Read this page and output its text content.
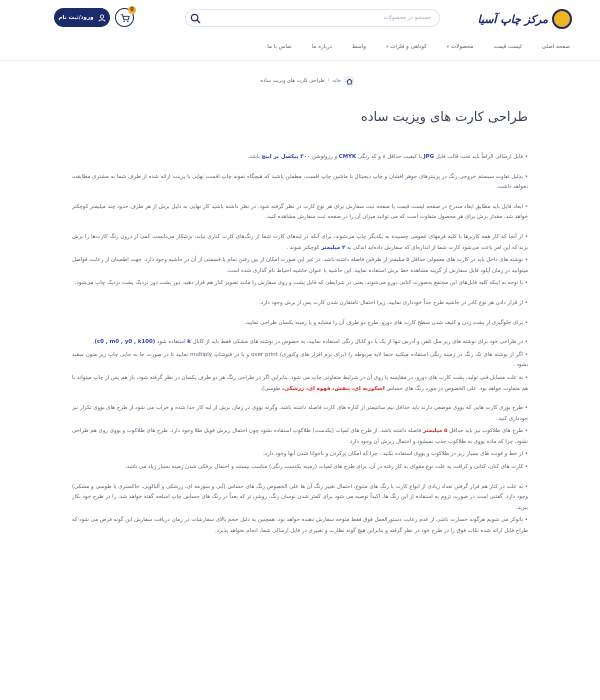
مرکز چاپ آسیا
جستجو در محصولات
0
ورود/ثبت نام
صفحه اصلی
لیست قیمت
محصولات
▾
کوتاهی و فلزات
▾
واسط
درباره ما
تماس با ما
خانه
/
طراحی کارت های ویزیت ساده
طراحی کارت های ویزیت ساده

• فایل ارسالی الزاماً باید تحت قالب فایل JPG با کیفیت حداقل ۸ و کد رنگی CMYK و رزولوشن ۳۰۰ پیکسل بر اینچ باشد.

• بدلیل تفاوت سیستم خروجی رنگ در پرینترهای جوهر افشان و چاپ دیجیتال با ماشین چاپ افست، مطمئن باشید که هیچگاه نمونه چاپ افست نهایی با پرینت ارائه شده از طرف شما به مشتری مطابقت نخواهد داشت.

• ابعاد فایل باید مطابق ابعاد مندرج در صفحه لیست قیمت یا صفحه ثبت سفارش برای هر نوع کارت در نظر گرفته شود. در نظر داشته باشید کار نهایی به دلیل برش از هر طرف حدود چند میلیمتر کوچکتر خواهد شد. مقدار برش برای هر محصول متفاوت است که می توانید میزان آن را در صفحه ثبت سفارش مشاهده کنید.

• از آنجا که کار همه کاربرها با کلیه فرمهای عمومی چسبیده به یکدیگر چاپ می‌شوند، برای آنکه در لبه‌های کارت شما از رنگ‌های کارت کناری نیاید، برشکار می‌بایست کمی از درون رنگ کارت‌ها را برش بزند که این امر باعث می‌شود کارت شما از اندازه‌ای که سفارش داده‌اید اندکی به ۲ میلیمتر کوچکتر شوند .

• نوشته های داخل باید در کارت های معمولی حداقل ۵ میلیمتر از طرفین فاصله داشته باشد. در غیر این صورت امکان از بین رفتن تمام یا قسمتی از آن در حاشیه وجود دارد. جهت اطمینان از رعایت فواصل میتوانید در زمان آپلود فایل سفارش از گزینه مشاهده خط برش استفاده نمایید. این حاشیه با عنوان حاشیه احتیاط نام گذاری شده است.

• با توجه به اینکه کلیه فایل‌های این مجتمع به‌صورت کتابی دورو می‌شوند، یعنی در شرایطی که فایل پشت و روی سفارش را مانند تصویر کنار هم قرار دهید. دور پشت دور نزدیک پشت نزدیک چاپ می‌شود.

• از قرار دادن هر نوع کادر در حاشیه طرح جداً خودداری نمایید، زیرا احتمال نامتقارن شدن کارت پس از برش وجود دارد.

• برای جلوگیری از پشت زدن و کثیف شدن سطح کارت های دورو، طرح دو طرف آن را مشابه و یا زمینه یکسان طراحی نمایید.

• در طراحی خود برای نوشته های ریز مثل تلفن و آدرس تنها از یک یا دو کانال رنگی استفاده نمایید، به خصوص در نوشته های مشکی فقط باید از کانال k استفاده شود (c0 , m0 , y0 , k100).

• اگر از نوشته های تک رنگ در زمینه رنگی استفاده میکنید حتما لایه مربوطه را (برای نرم افزار های وکتوری) over print و یا در فتوشاپ multiply نمایید تا در صورت جا به جایی چاپ زیر متون سفید نشود .

• به علت مسایل فنی تولید، پشت کارت های دورو، در مقایسه با روی آن در شرایط متفاوتی چاپ می شود. بنابراین اگر در طراحی رنگ هر دو طرف یکسان در نظر گرفته شود، باز هم پس از چاپ میتواند با هم متفاوت خواهد بود. علی الخصوص در مورد رنگ های حساس اسکوربه ای، بنفش، قهوه ای، زرشکی، طوسی).

• طرح یوزی کارت هایی که یووی موضعی دارند باید حداقل نیم سانتیمتر از کناره های کارت فاصله داشته باشد، وگرنه یووی در زمان برش از لبه کار جدا شده و خراب می شود.از طرح های یووی تکرار نیز خودداری کنید.

• طرح های طلاکوب نیز باید حداقل ۵ میلیمتر فاصله داشته باشد. از طرح های لمپات (یکدست) طلاکوب استفاده نشود چون احتمال ریزش فویل طلا وجود دارد. طرح های طلاکوب و یووی روی هم طراحی نشود، چرا که ماده یووی به طلاکوب جذب نمیشود و احتمال ریزش آن وجود دارد.

• از خط و فونت های بسیار ریز در طلاکوب و یووی استفاده نکنید ، چرا که امکان پرکردن و ناخوانا شدن آنها وجود دارد.

• کارت های کنان، کتانی و کرافت به علت نوع مقوای به کار رفته در آن، برای طرح های لمپات (زمینه یکدست رنگی) مناسب نیستند و احتمال برفکی شدن زمینه بسیار زیاد می باشد.

• به علت در کنار هم قرار گرفتن تعداد زیادی از انواع کارت با رنگ های متنوع، احتمال تغییر رنگ آن ها علی الخصوص رنگ های حساس (آبی و سورمه ای، زرشکی و آلبالویی، خاکستری یا طوسی و مشکی) وجود دارد. گفتنی است در صورت تزوم به استفاده از این رنگ ها، اکیداً توصیه می شود برای کمتر شدن نوسان رنگ، روشن تر که بعداً در رنگ های حساس چاپ اسلحه گفته خواهد شد، را در طرح خود بکار ببرید.

• باتوکر می شویم هرگونه خسارت ناشی از عدم رعایت دستورالعمل فوق فقط متوجه سفارش دهنده خواهد بود. همچنین به دلیل حجم بالای سفارشات در زمان دریافت سفارش این گونه فرض می شود که طراح فایل ارائه شده نکات فوق را در طرح خود در نظر گرفته و بنابراین هیچ گونه نظارت و تغییری در فایل ارسالی شما، انجام نخواهد پذیرد.
